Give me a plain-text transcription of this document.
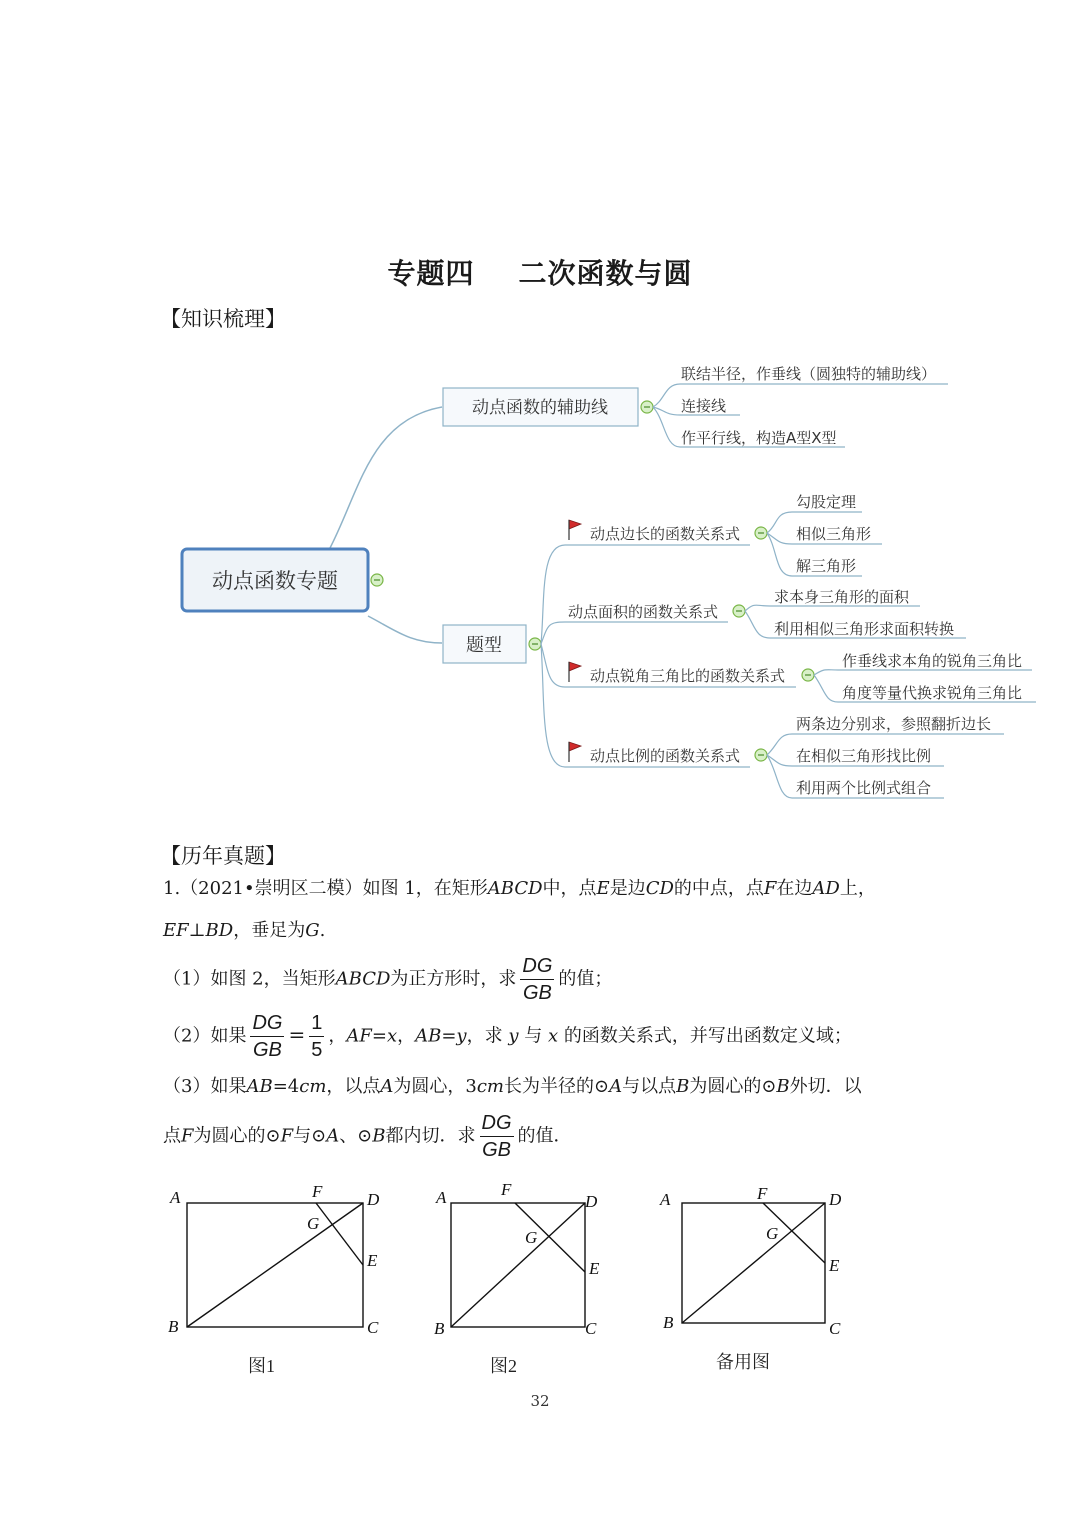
专题四 二次函数与圆
【知识梳理】
动点函数专题
动点函数的辅助线
联结半径，作垂线（圆独特的辅助线）
连接线
作平行线，构造A型X型
题型
动点边长的函数关系式
勾股定理
相似三角形
解三角形
动点面积的函数关系式
求本身三角形的面积
利用相似三角形求面积转换
动点锐角三角比的函数关系式
作垂线求本角的锐角三角比
角度等量代换求锐角三角比
动点比例的函数关系式
两条边分别求，参照翻折边长
在相似三角形找比例
利用两个比例式组合
【历年真题】
1.（2021•崇明区二模）如图 1，在矩形ABCD中，点E是边CD的中点，点F在边AD上，
EF⊥BD，垂足为G.
（1）如图 2，当矩形ABCD为正方形时，求 $\frac{DG}{GB}$ 的值；
（2）如果 $\frac{DG}{GB} = \frac{1}{5}$ ，AF=x，AB=y，求 y 与 x 的函数关系式，并写出函数定义域；
（3）如果AB=4cm，以点A为圆心，3cm长为半径的⊙A与以点B为圆心的⊙B外切．以
点F为圆心的⊙F与⊙A、⊙B都内切．求 $\frac{DG}{GB}$ 的值．
A
B	C
D
E
F
G
图1
A
B	C
D
E
F
G
图2
A
B	C
D
E
F
G
备用图
32
